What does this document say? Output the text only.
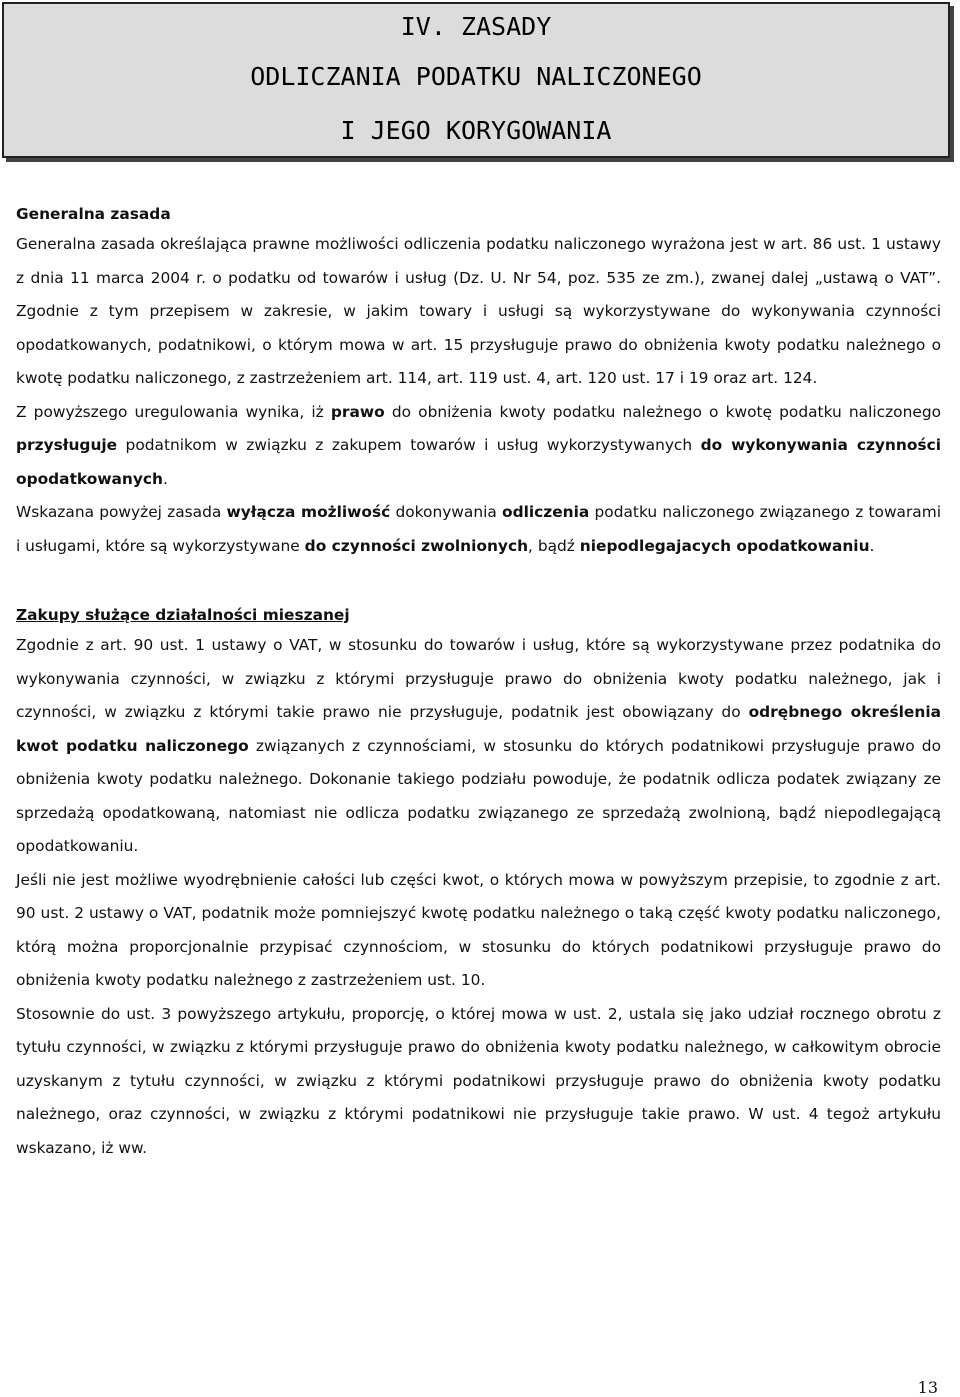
IV. ZASADY
ODLICZANIA PODATKU NALICZONEGO
I JEGO KORYGOWANIA

Generalna zasada

Generalna zasada określająca prawne możliwości odliczenia podatku naliczonego wyrażona jest w art. 86 ust. 1 ustawy z dnia 11 marca 2004 r. o podatku od towarów i usług (Dz. U. Nr 54, poz. 535 ze zm.), zwanej dalej „ustawą o VAT”. Zgodnie z tym przepisem w zakresie, w jakim towary i usługi są wykorzystywane do wykonywania czynności opodatkowanych, podatnikowi, o którym mowa w art. 15 przysługuje prawo do obniżenia kwoty podatku należnego o kwotę podatku naliczonego, z zastrzeżeniem art. 114, art. 119 ust. 4, art. 120 ust. 17 i 19 oraz art. 124.

Z powyższego uregulowania wynika, iż prawo do obniżenia kwoty podatku należnego o kwotę podatku naliczonego przysługuje podatnikom w związku z zakupem towarów i usług wykorzystywanych do wykonywania czynności opodatkowanych.

Wskazana powyżej zasada wyłącza możliwość dokonywania odliczenia podatku naliczonego związanego z towarami i usługami, które są wykorzystywane do czynności zwolnionych, bądź niepodlegajacych opodatkowaniu.

Zakupy służące działalności mieszanej

Zgodnie z art. 90 ust. 1 ustawy o VAT, w stosunku do towarów i usług, które są wykorzystywane przez podatnika do wykonywania czynności, w związku z którymi przysługuje prawo do obniżenia kwoty podatku należnego, jak i czynności, w związku z którymi takie prawo nie przysługuje, podatnik jest obowiązany do odrębnego określenia kwot podatku naliczonego związanych z czynnościami, w stosunku do których podatnikowi przysługuje prawo do obniżenia kwoty podatku należnego. Dokonanie takiego podziału powoduje, że podatnik odlicza podatek związany ze sprzedażą opodatkowaną, natomiast nie odlicza podatku związanego ze sprzedażą zwolnioną, bądź niepodlegającą opodatkowaniu.

Jeśli nie jest możliwe wyodrębnienie całości lub części kwot, o których mowa w powyższym przepisie, to zgodnie z art. 90 ust. 2 ustawy o VAT, podatnik może pomniejszyć kwotę podatku należnego o taką część kwoty podatku naliczonego, którą można proporcjonalnie przypisać czynnościom, w stosunku do których podatnikowi przysługuje prawo do obniżenia kwoty podatku należnego z zastrzeżeniem ust. 10.

Stosownie do ust. 3 powyższego artykułu, proporcję, o której mowa w ust. 2, ustala się jako udział rocznego obrotu z tytułu czynności, w związku z którymi przysługuje prawo do obniżenia kwoty podatku należnego, w całkowitym obrocie uzyskanym z tytułu czynności, w związku z którymi podatnikowi przysługuje prawo do obniżenia kwoty podatku należnego, oraz czynności, w związku z którymi podatnikowi nie przysługuje takie prawo. W ust. 4 tegoż artykułu wskazano, iż ww.

13
